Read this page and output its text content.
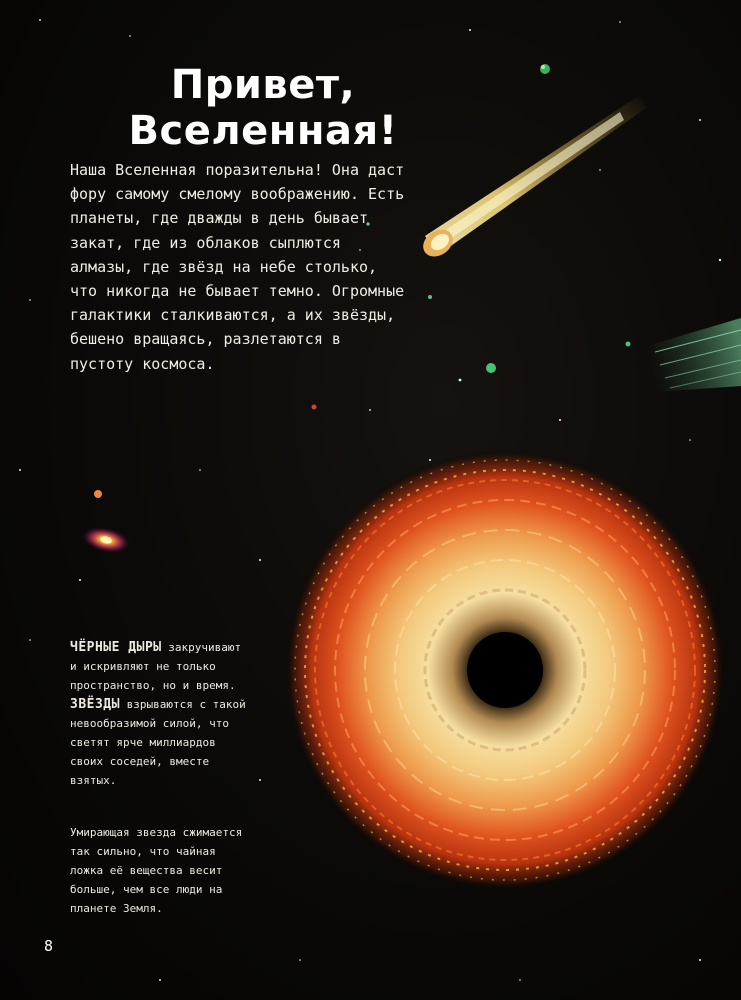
Привет,
Вселенная!

Наша Вселенная поразительна! Она даст фору самому смелому воображению. Есть планеты, где дважды в день бывает закат, где из облаков сыплются алмазы, где звёзд на небе столько, что никогда не бывает темно. Огромные галактики сталкиваются, а их звёзды, бешено вращаясь, разлетаются в пустоту космоса.

ЧЁРНЫЕ ДЫРЫ закручивают и искривляют не только пространство, но и время. ЗВЁЗДЫ взрываются с такой невообразимой силой, что светят ярче миллиардов своих соседей, вместе взятых.

Умирающая звезда сжимается так сильно, что чайная ложка её вещества весит больше, чем все люди на планете Земля.

8
